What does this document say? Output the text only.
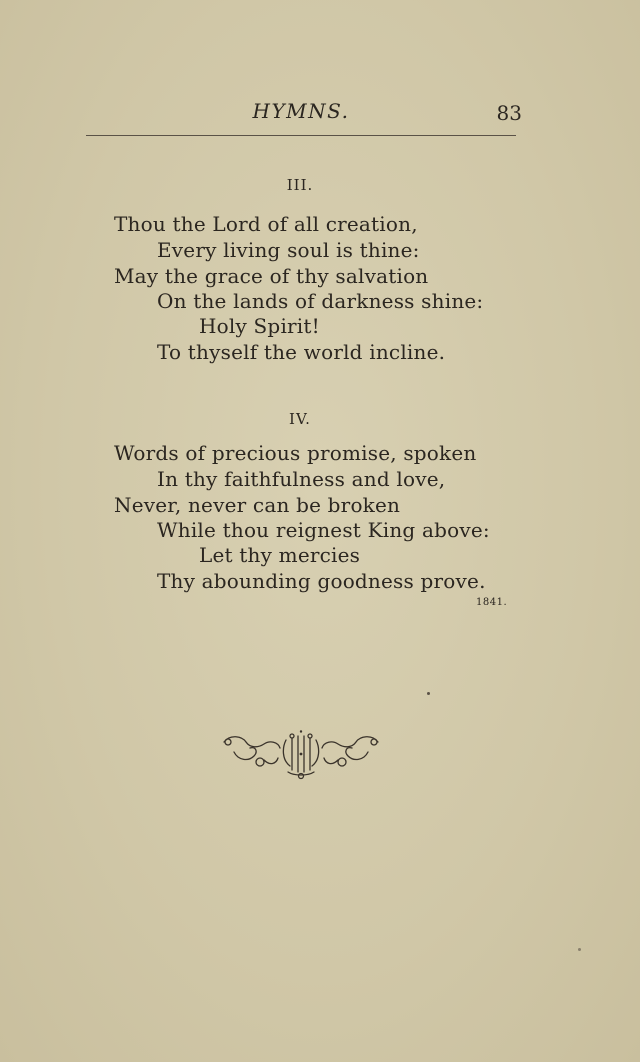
HYMNS.	83
III.
Thou the Lord of all creation,
Every living soul is thine:
May the grace of thy salvation
On the lands of darkness shine:
Holy Spirit!
To thyself the world incline.
IV.
Words of precious promise, spoken
In thy faithfulness and love,
Never, never can be broken
While thou reignest King above:
Let thy mercies
Thy abounding goodness prove.
1841.
